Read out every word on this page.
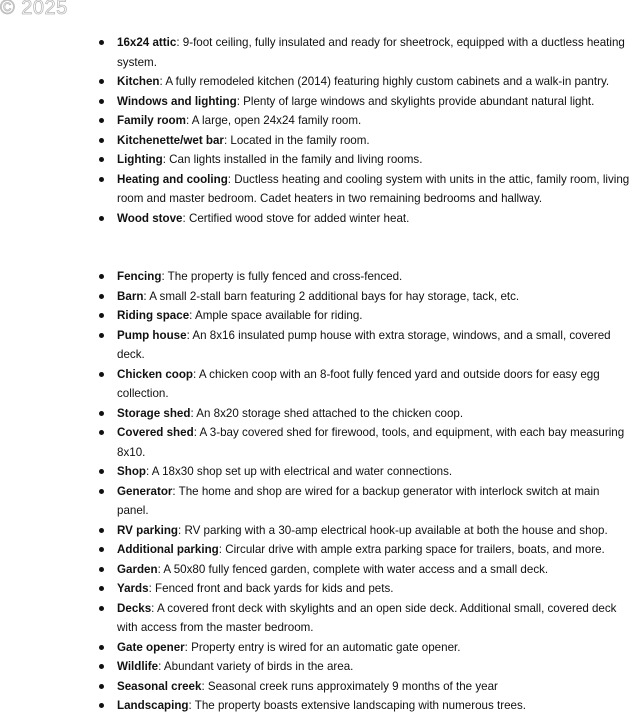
© 2025
16x24 attic: 9-foot ceiling, fully insulated and ready for sheetrock, equipped with a ductless heating system.
Kitchen: A fully remodeled kitchen (2014) featuring highly custom cabinets and a walk-in pantry.
Windows and lighting: Plenty of large windows and skylights provide abundant natural light.
Family room: A large, open 24x24 family room.
Kitchenette/wet bar: Located in the family room.
Lighting: Can lights installed in the family and living rooms.
Heating and cooling: Ductless heating and cooling system with units in the attic, family room, living room and master bedroom. Cadet heaters in two remaining bedrooms and hallway.
Wood stove: Certified wood stove for added winter heat.
Fencing: The property is fully fenced and cross-fenced.
Barn: A small 2-stall barn featuring 2 additional bays for hay storage, tack, etc.
Riding space: Ample space available for riding.
Pump house: An 8x16 insulated pump house with extra storage, windows, and a small, covered deck.
Chicken coop: A chicken coop with an 8-foot fully fenced yard and outside doors for easy egg collection.
Storage shed: An 8x20 storage shed attached to the chicken coop.
Covered shed: A 3-bay covered shed for firewood, tools, and equipment, with each bay measuring 8x10.
Shop: A 18x30 shop set up with electrical and water connections.
Generator: The home and shop are wired for a backup generator with interlock switch at main panel.
RV parking: RV parking with a 30-amp electrical hook-up available at both the house and shop.
Additional parking: Circular drive with ample extra parking space for trailers, boats, and more.
Garden: A 50x80 fully fenced garden, complete with water access and a small deck.
Yards: Fenced front and back yards for kids and pets.
Decks: A covered front deck with skylights and an open side deck. Additional small, covered deck with access from the master bedroom.
Gate opener: Property entry is wired for an automatic gate opener.
Wildlife: Abundant variety of birds in the area.
Seasonal creek: Seasonal creek runs approximately 9 months of the year
Landscaping: The property boasts extensive landscaping with numerous trees.
